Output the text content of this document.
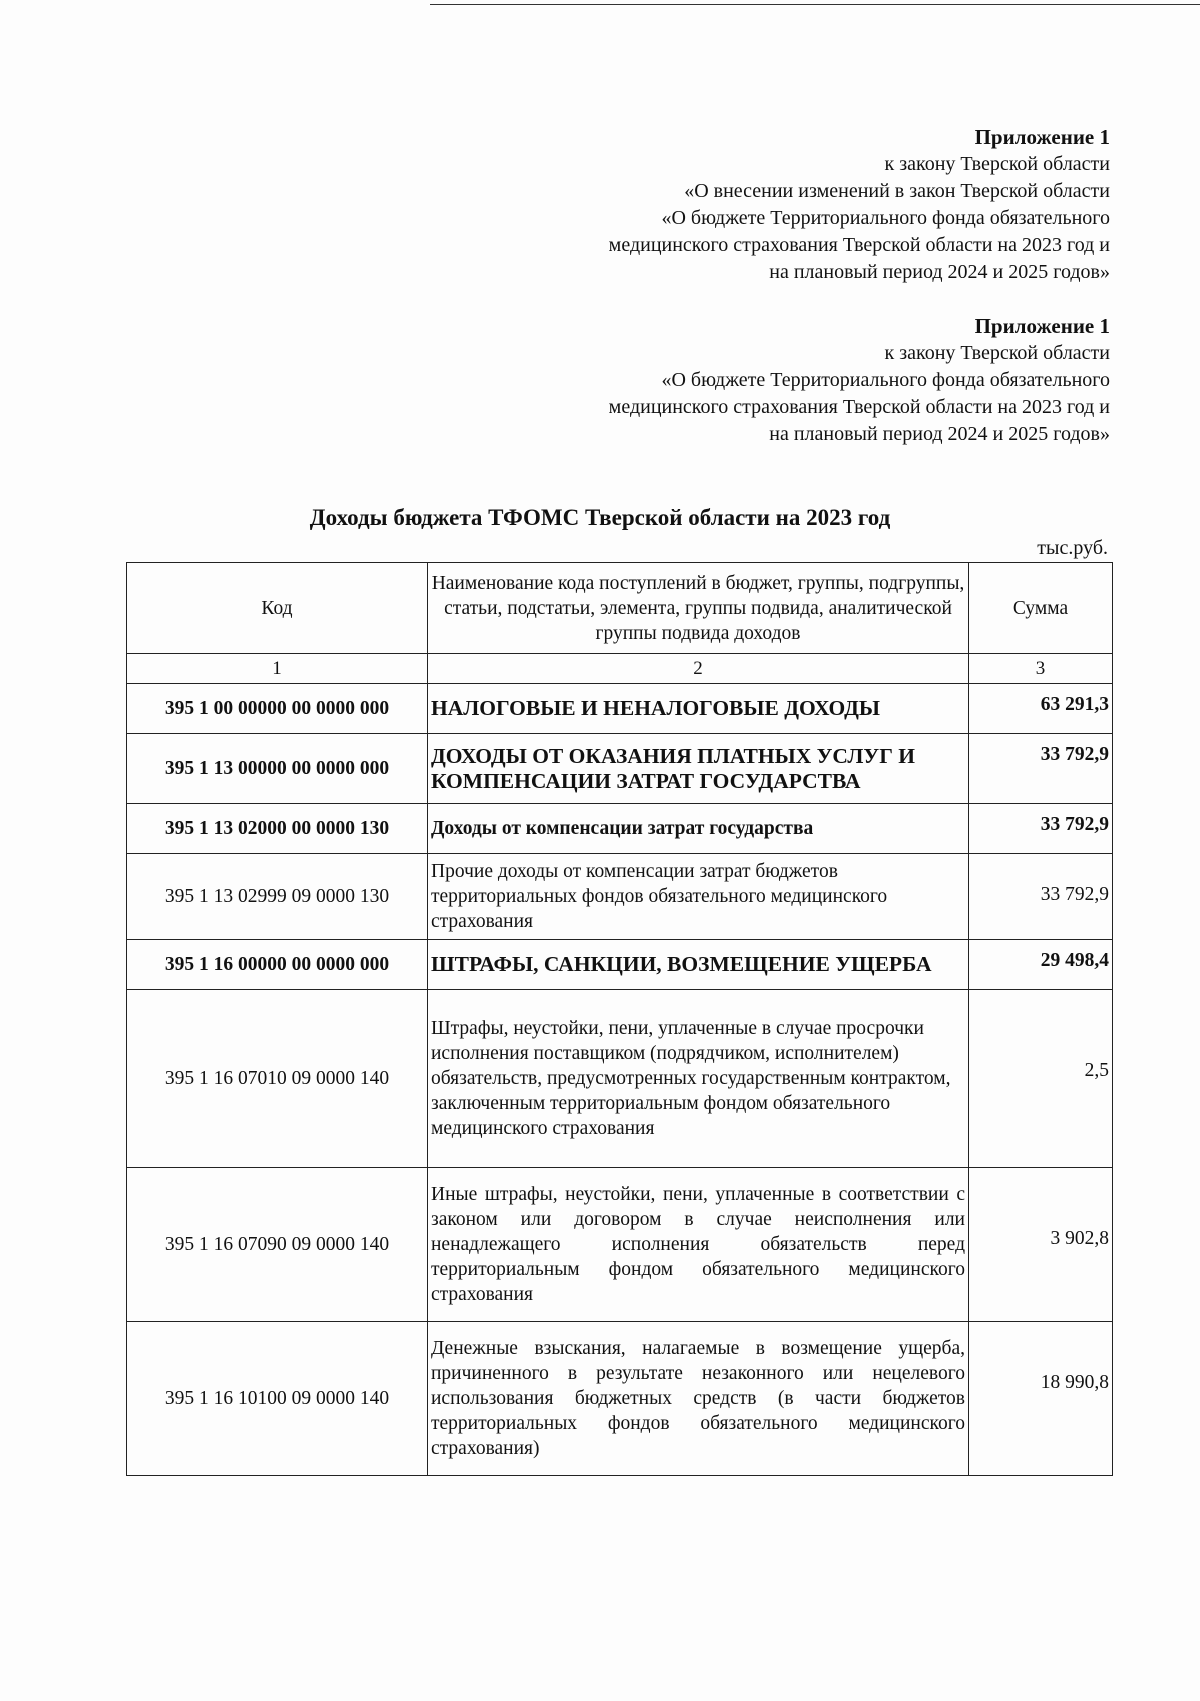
Приложение 1
к закону Тверской области
«О внесении изменений в закон Тверской области
«О бюджете Территориального фонда обязательного
медицинского страхования Тверской области на 2023 год и
на плановый период 2024 и 2025 годов»
Приложение 1
к закону Тверской области
«О бюджете Территориального фонда обязательного
медицинского страхования Тверской области на 2023 год и
на плановый период 2024 и 2025 годов»
Доходы бюджета ТФОМС Тверской области на 2023 год
тыс.руб.
Код	Наименование кода поступлений в бюджет, группы, подгруппы, статьи, подстатьи, элемента, группы подвида, аналитической группы подвида доходов	Сумма
1	2	3
395 1 00 00000 00 0000 000	НАЛОГОВЫЕ И НЕНАЛОГОВЫЕ ДОХОДЫ	63 291,3
395 1 13 00000 00 0000 000	ДОХОДЫ ОТ ОКАЗАНИЯ ПЛАТНЫХ УСЛУГ И КОМПЕНСАЦИИ ЗАТРАТ ГОСУДАРСТВА	33 792,9
395 1 13 02000 00 0000 130	Доходы от компенсации затрат государства	33 792,9
395 1 13 02999 09 0000 130	Прочие доходы от компенсации затрат бюджетов территориальных фондов обязательного медицинского страхования	33 792,9
395 1 16 00000 00 0000 000	ШТРАФЫ, САНКЦИИ, ВОЗМЕЩЕНИЕ УЩЕРБА	29 498,4
395 1 16 07010 09 0000 140	Штрафы, неустойки, пени, уплаченные в случае просрочки исполнения поставщиком (подрядчиком, исполнителем) обязательств, предусмотренных государственным контрактом, заключенным территориальным фондом обязательного медицинского страхования	2,5
395 1 16 07090 09 0000 140	Иные штрафы, неустойки, пени, уплаченные в соответствии с законом или договором в случае неисполнения или ненадлежащего исполнения обязательств перед территориальным фондом обязательного медицинского страхования	3 902,8
395 1 16 10100 09 0000 140	Денежные взыскания, налагаемые в возмещение ущерба, причиненного в результате незаконного или нецелевого использования бюджетных средств (в части бюджетов территориальных фондов обязательного медицинского страхования)	18 990,8
